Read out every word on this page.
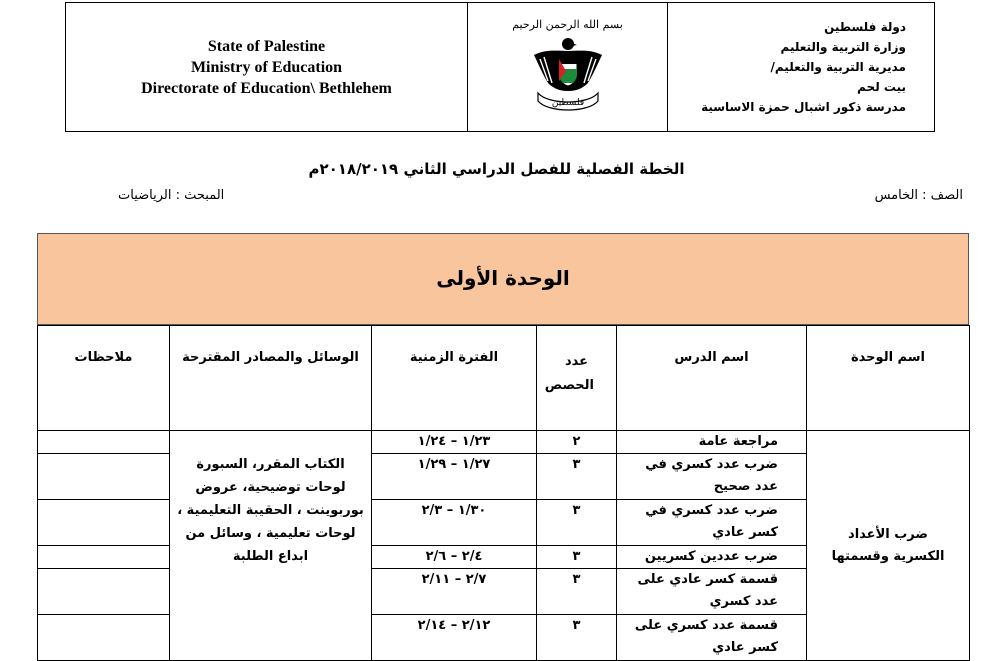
State of Palestine
Ministry of Education
Directorate of Education\ Bethlehem

بسم الله الرحمن الرحيم
فلسطين

دولة فلسطين
وزارة التربية والتعليم
مديرية التربية والتعليم/
بيت لحم
مدرسة ذكور اشبال حمزة الاساسية
الخطة الفصلية للفصل الدراسي الثاني ٢٠١٨/٢٠١٩م
الصف : الخامس
المبحث : الرياضيات
الوحدة الأولى
اسم الوحدة	اسم الدرس	عدد الحصص	الفترة الزمنية	الوسائل والمصادر المقترحة	ملاحظات
ضرب الأعداد الكسرية وقسمتها	مراجعة عامة	٢	١/٢٣ – ١/٢٤	الكتاب المقرر، السبورة لوحات توضيحية، عروض بوربوينت ، الحقيبة التعليمية ، لوحات تعليمية ، وسائل من ابداع الطلبة	
	ضرب عدد كسري في عدد صحيح	٣	١/٢٧ – ١/٢٩		
	ضرب عدد كسري في كسر عادي	٣	١/٣٠ – ٢/٣		
	ضرب عددين كسريين	٣	٢/٤ – ٢/٦		
	قسمة كسر عادي على عدد كسري	٣	٢/٧ – ٢/١١		
	قسمة عدد كسري على كسر عادي	٣	٢/١٢ – ٢/١٤		
